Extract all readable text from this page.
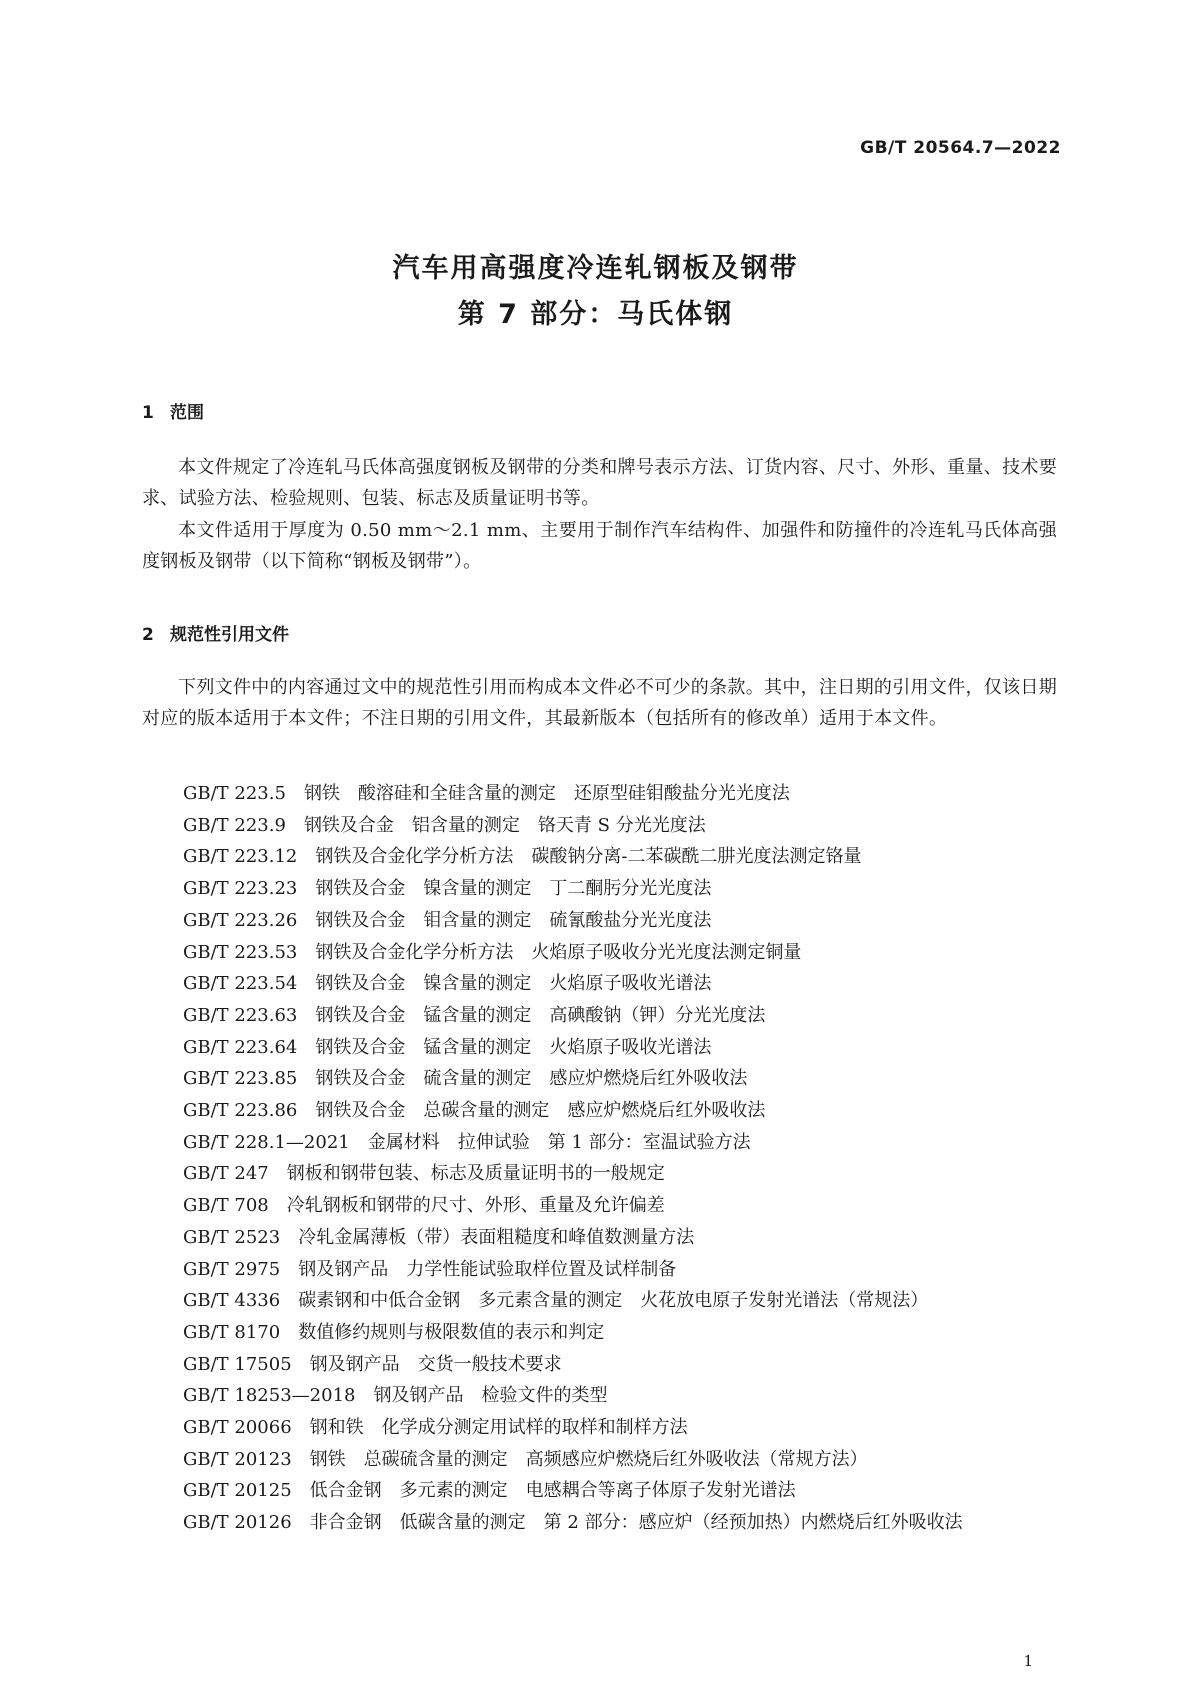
GB/T 20564.7—2022
汽车用高强度冷连轧钢板及钢带
第 7 部分：马氏体钢
1 范围
本文件规定了冷连轧马氏体高强度钢板及钢带的分类和牌号表示方法、订货内容、尺寸、外形、重量、技术要求、试验方法、检验规则、包装、标志及质量证明书等。
本文件适用于厚度为 0.50 mm～2.1 mm、主要用于制作汽车结构件、加强件和防撞件的冷连轧马氏体高强度钢板及钢带（以下简称“钢板及钢带”）。
2 规范性引用文件
下列文件中的内容通过文中的规范性引用而构成本文件必不可少的条款。其中，注日期的引用文件，仅该日期对应的版本适用于本文件；不注日期的引用文件，其最新版本（包括所有的修改单）适用于本文件。
GB/T 223.5 钢铁　酸溶硅和全硅含量的测定　还原型硅钼酸盐分光光度法
GB/T 223.9 钢铁及合金　铝含量的测定　铬天青 S 分光光度法
GB/T 223.12 钢铁及合金化学分析方法　碳酸钠分离-二苯碳酰二肼光度法测定铬量
GB/T 223.23 钢铁及合金　镍含量的测定　丁二酮肟分光光度法
GB/T 223.26 钢铁及合金　钼含量的测定　硫氰酸盐分光光度法
GB/T 223.53 钢铁及合金化学分析方法　火焰原子吸收分光光度法测定铜量
GB/T 223.54 钢铁及合金　镍含量的测定　火焰原子吸收光谱法
GB/T 223.63 钢铁及合金　锰含量的测定　高碘酸钠（钾）分光光度法
GB/T 223.64 钢铁及合金　锰含量的测定　火焰原子吸收光谱法
GB/T 223.85 钢铁及合金　硫含量的测定　感应炉燃烧后红外吸收法
GB/T 223.86 钢铁及合金　总碳含量的测定　感应炉燃烧后红外吸收法
GB/T 228.1—2021 金属材料　拉伸试验　第 1 部分：室温试验方法
GB/T 247 钢板和钢带包装、标志及质量证明书的一般规定
GB/T 708 冷轧钢板和钢带的尺寸、外形、重量及允许偏差
GB/T 2523 冷轧金属薄板（带）表面粗糙度和峰值数测量方法
GB/T 2975 钢及钢产品　力学性能试验取样位置及试样制备
GB/T 4336 碳素钢和中低合金钢　多元素含量的测定　火花放电原子发射光谱法（常规法）
GB/T 8170 数值修约规则与极限数值的表示和判定
GB/T 17505 钢及钢产品　交货一般技术要求
GB/T 18253—2018 钢及钢产品　检验文件的类型
GB/T 20066 钢和铁　化学成分测定用试样的取样和制样方法
GB/T 20123 钢铁　总碳硫含量的测定　高频感应炉燃烧后红外吸收法（常规方法）
GB/T 20125 低合金钢　多元素的测定　电感耦合等离子体原子发射光谱法
GB/T 20126 非合金钢　低碳含量的测定　第 2 部分：感应炉（经预加热）内燃烧后红外吸收法
1
